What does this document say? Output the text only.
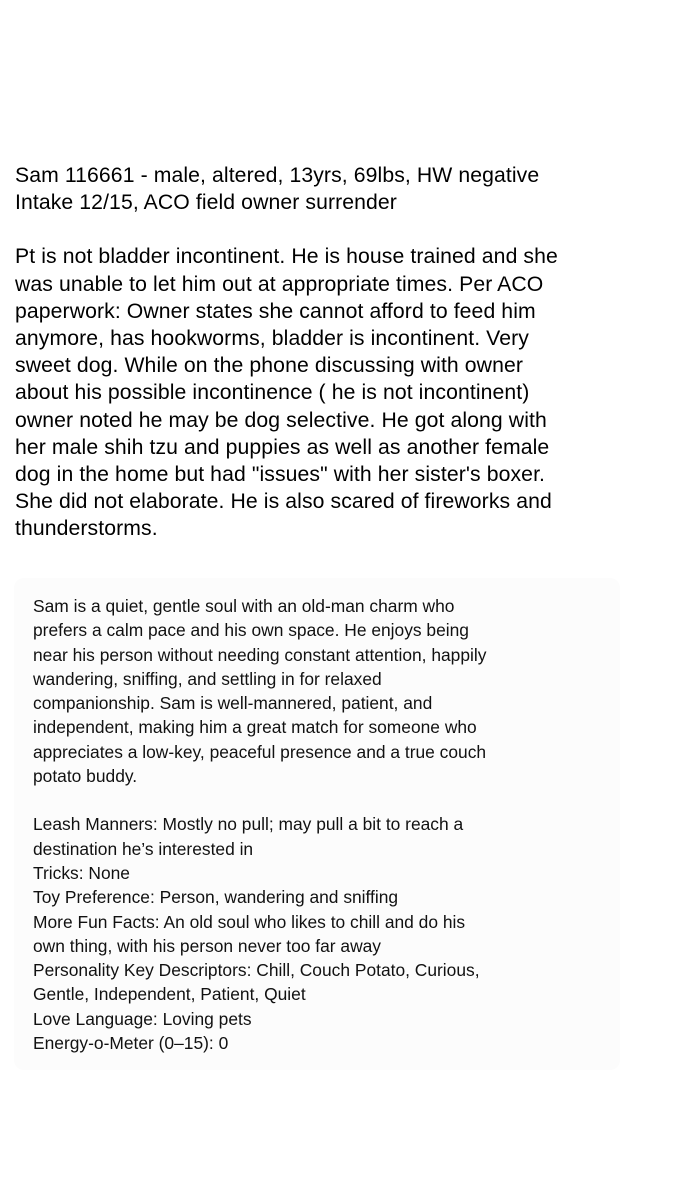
Sam 116661 - male, altered, 13yrs, 69lbs, HW negative

Intake 12/15, ACO field owner surrender

Pt is not bladder incontinent. He is house trained and she

was unable to let him out at appropriate times. Per ACO

paperwork: Owner states she cannot afford to feed him

anymore, has hookworms, bladder is incontinent. Very

sweet dog. While on the phone discussing with owner

about his possible incontinence ( he is not incontinent)

owner noted he may be dog selective. He got along with

her male shih tzu and puppies as well as another female

dog in the home but had "issues" with her sister's boxer.

She did not elaborate. He is also scared of fireworks and

thunderstorms.

Sam is a quiet, gentle soul with an old-man charm who

prefers a calm pace and his own space. He enjoys being

near his person without needing constant attention, happily

wandering, sniffing, and settling in for relaxed

companionship. Sam is well-mannered, patient, and

independent, making him a great match for someone who

appreciates a low-key, peaceful presence and a true couch

potato buddy.

Leash Manners: Mostly no pull; may pull a bit to reach a
destination he’s interested in
Tricks: None
Toy Preference: Person, wandering and sniffing
More Fun Facts: An old soul who likes to chill and do his
own thing, with his person never too far away
Personality Key Descriptors: Chill, Couch Potato, Curious,
Gentle, Independent, Patient, Quiet
Love Language: Loving pets
Energy-o-Meter (0–15): 0
